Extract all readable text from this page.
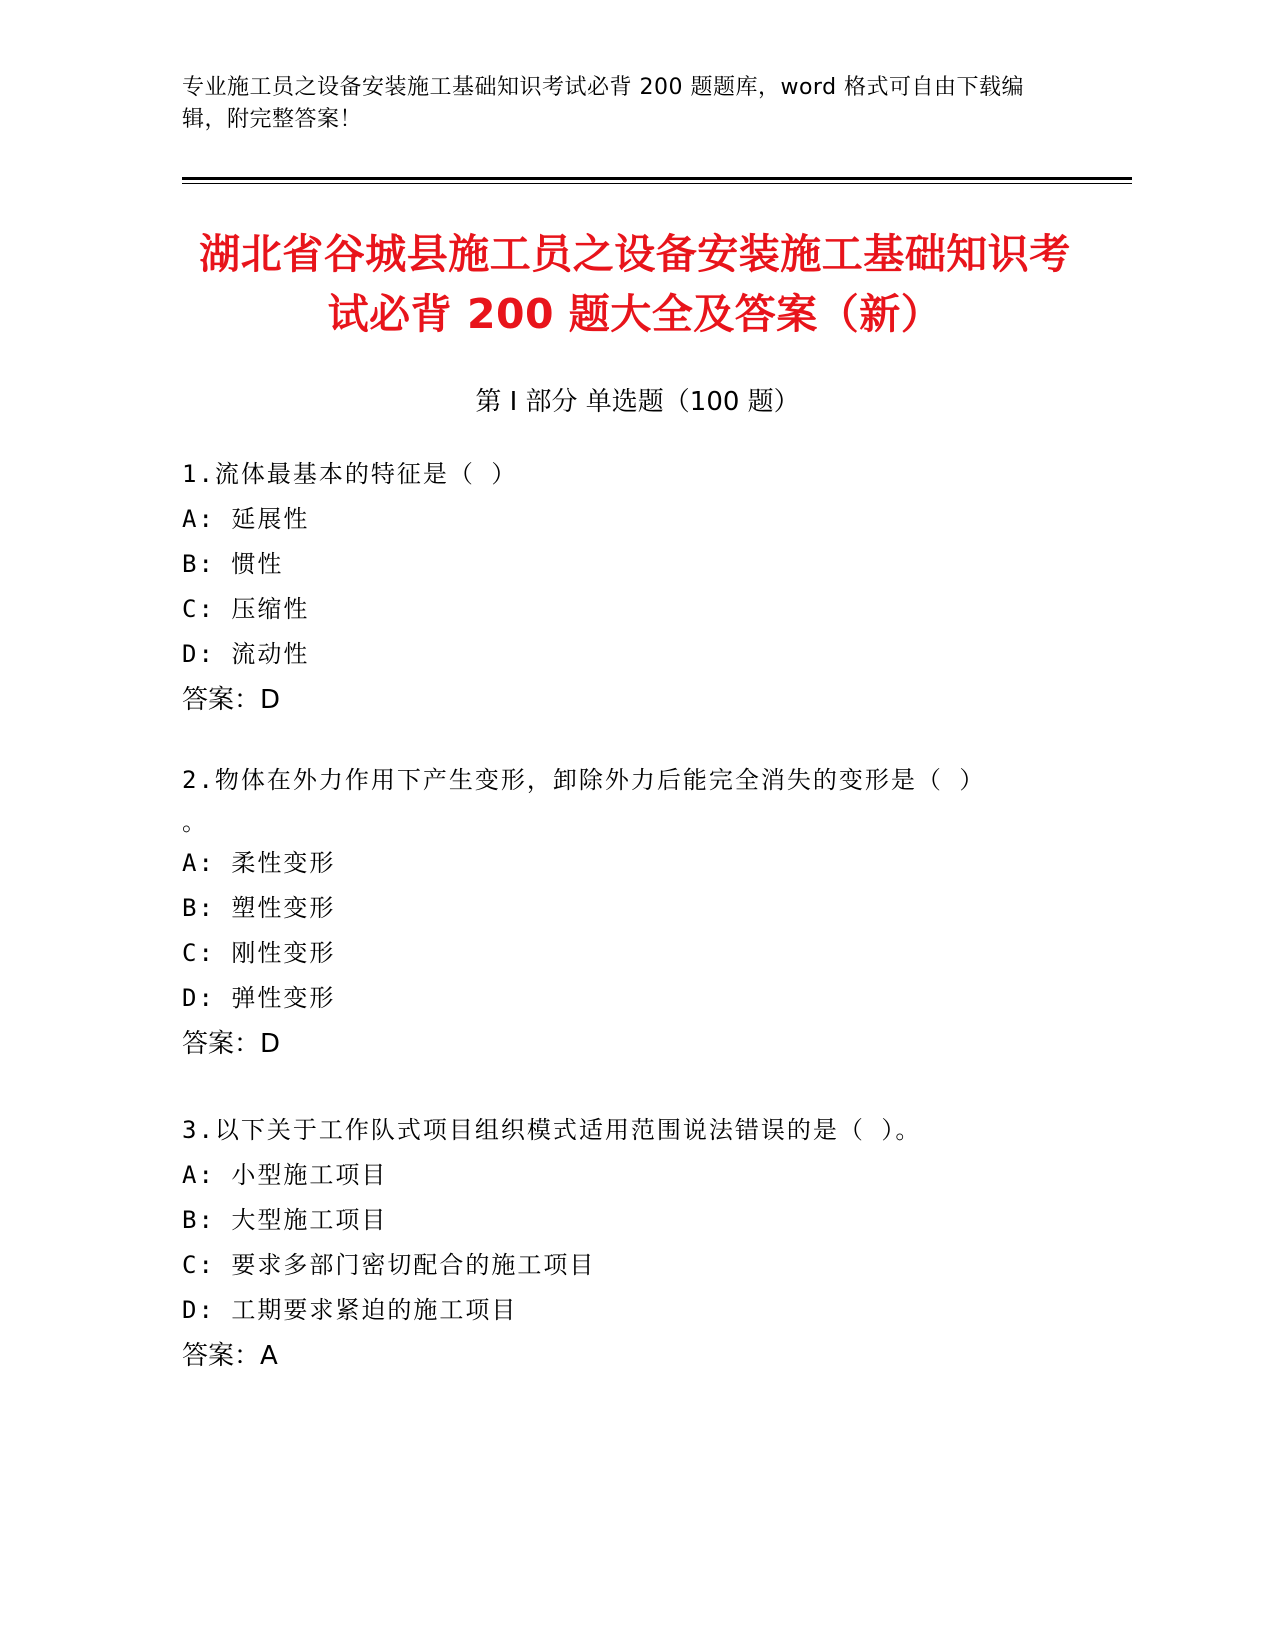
专业施工员之设备安装施工基础知识考试必背 200 题题库，word 格式可自由下载编辑，附完整答案！
湖北省谷城县施工员之设备安装施工基础知识考试必背 200 题大全及答案（新）
第 I 部分 单选题（100 题）
1.流体最基本的特征是（ ）
A: 延展性
B: 惯性
C: 压缩性
D: 流动性
答案：D
2.物体在外力作用下产生变形，卸除外力后能完全消失的变形是（ ）
。
A: 柔性变形
B: 塑性变形
C: 刚性变形
D: 弹性变形
答案：D
3.以下关于工作队式项目组织模式适用范围说法错误的是（ ）。
A: 小型施工项目
B: 大型施工项目
C: 要求多部门密切配合的施工项目
D: 工期要求紧迫的施工项目
答案：A
